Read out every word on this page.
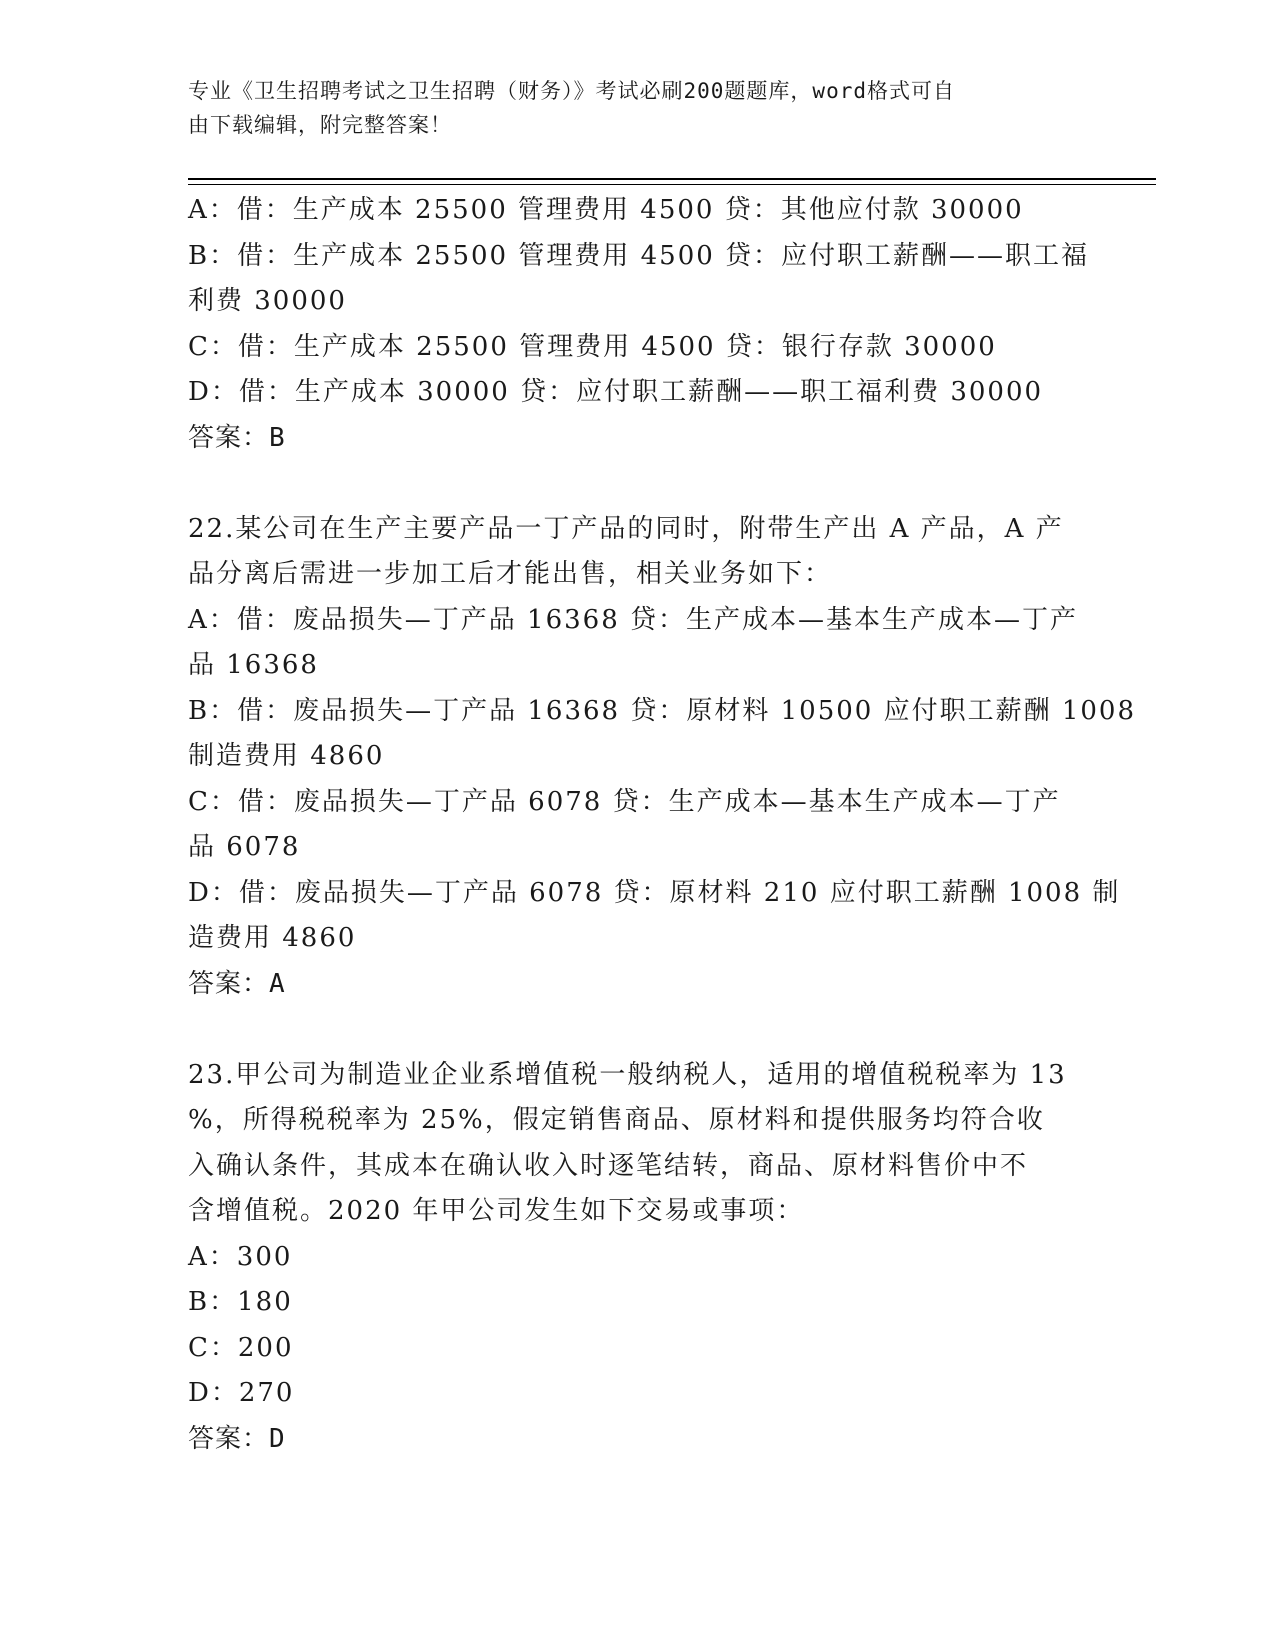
专业《卫生招聘考试之卫生招聘（财务）》考试必刷200题题库，word格式可自
由下载编辑，附完整答案！
A：借：生产成本 25500 管理费用 4500 贷：其他应付款 30000
B：借：生产成本 25500 管理费用 4500 贷：应付职工薪酬——职工福
利费 30000
C：借：生产成本 25500 管理费用 4500 贷：银行存款 30000
D：借：生产成本 30000 贷：应付职工薪酬——职工福利费 30000
答案：B
22.某公司在生产主要产品一丁产品的同时，附带生产出 A 产品，A 产
品分离后需进一步加工后才能出售，相关业务如下：
A：借：废品损失—丁产品 16368 贷：生产成本—基本生产成本—丁产
品 16368
B：借：废品损失—丁产品 16368 贷：原材料 10500 应付职工薪酬 1008
制造费用 4860
C：借：废品损失—丁产品 6078 贷：生产成本—基本生产成本—丁产
品 6078
D：借：废品损失—丁产品 6078 贷：原材料 210 应付职工薪酬 1008 制
造费用 4860
答案：A
23.甲公司为制造业企业系增值税一般纳税人，适用的增值税税率为 13
%，所得税税率为 25%，假定销售商品、原材料和提供服务均符合收
入确认条件，其成本在确认收入时逐笔结转，商品、原材料售价中不
含增值税。2020 年甲公司发生如下交易或事项：
A：300
B：180
C：200
D：270
答案：D
